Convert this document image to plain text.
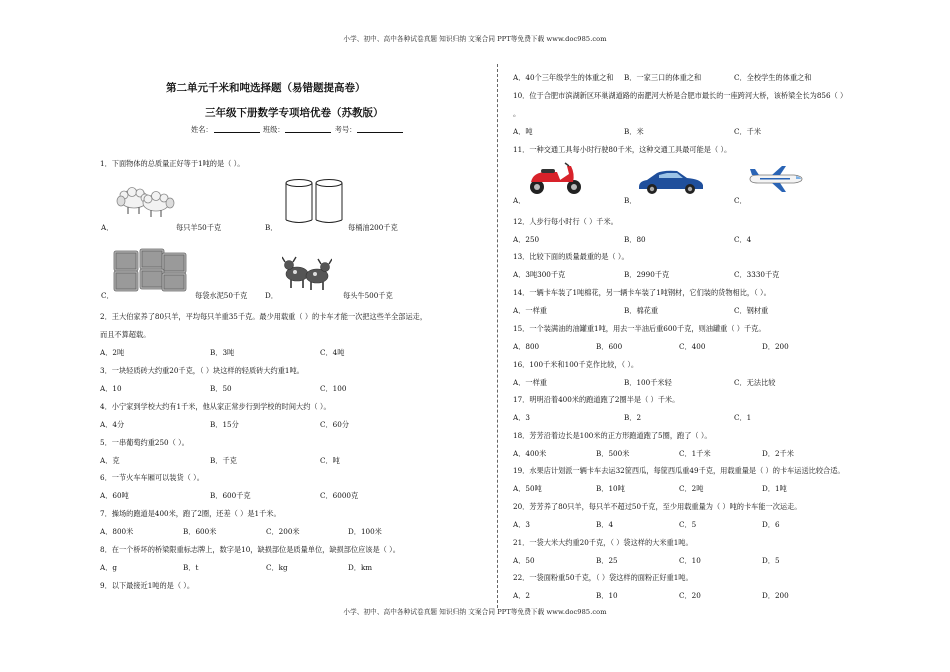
小学、初中、高中各种试卷真题 知识归纳 文案合同 PPT等免费下载 www.doc985.com
小学、初中、高中各种试卷真题 知识归纳 文案合同 PPT等免费下载 www.doc985.com
第二单元千米和吨选择题（易错题提高卷）
三年级下册数学专项培优卷（苏教版）
姓名：	班级：	考号：
1．下面物体的总质量正好等于1吨的是（ ）。
A．	每只羊50千克	B．	每桶油200千克
C．	每袋水泥50千克 D．	每头牛500千克
2．王大伯家养了80只羊，平均每只羊重35千克。最少用载重（ ）的卡车才能一次把这些羊全部运走，
而且不算超载。
A．2吨	B．3吨	C．4吨
3．一块轻质砖大约重20千克，（ ）块这样的轻质砖大约重1吨。
A．10	B．50	C．100
4．小宁家到学校大约有1千米，他从家正常步行到学校的时间大约（ ）。
A．4分	B．15分	C．60分
5．一串葡萄约重250（ ）。
A．克	B．千克	C．吨
6．一节火车车厢可以装货（ ）。
A．60吨	B．600千克	C．6000克
7．操场的跑道是400米，跑了2圈，还差（ ）是1千米。
A．800米	B．600米	C．200米	D．100米
8．在一个桥坏的桥梁限重标志牌上，数字是10，缺损部位是质量单位，缺损部位应该是（ ）。
A．g	B．t	C．kg	D．km
9．以下最接近1吨的是（ ）。
A．40个三年级学生的体重之和 B．一家三口的体重之和	C．全校学生的体重之和
10．位于合肥市滨湖新区环巢湖道路的南淝河大桥是合肥市最长的一座跨河大桥，该桥梁全长为856（ ）
。
A．吨	B．米	C．千米
11．一种交通工具每小时行驶80千米，这种交通工具最可能是（ ）。
A．	B．	C．
12．人步行每小时行（ ）千米。
A．250	B．80	C．4
13．比较下面的质量最重的是（ ）。
A．3吨300千克	B．2990千克	C．3330千克
14．一辆卡车装了1吨棉花，另一辆卡车装了1吨钢材，它们装的货物相比，（ ）。
A．一样重	B．棉花重	C．钢材重
15．一个装满油的油罐重1吨，用去一半油后重600千克，则油罐重（ ）千克。
A．800	B．600	C．400	D．200
16．100千米和100千克作比较，（ ）。
A．一样重	B．100千米轻	C．无法比较
17．明明沿着400米的跑道跑了2圈半是（ ）千米。
A．3	B．2	C．1
18．芳芳沿着边长是100米的正方形跑道跑了5圈，跑了（ ）。
A．400米	B．500米	C．1千米	D．2千米
19．水果店计划派一辆卡车去运32筐西瓜，每筐西瓜重49千克，用载重量是（ ）的卡车运送比较合适。
A．50吨	B．10吨	C．2吨	D．1吨
20．芳芳养了80只羊，每只羊不超过50千克，至少用载重量为（ ）吨的卡车能一次运走。
A．3	B．4	C．5	D．6
21．一袋大米大约重20千克，（ ）袋这样的大米重1吨。
A．50	B．25	C．10	D．5
22．一袋面粉重50千克，（ ）袋这样的面粉正好重1吨。
A．2	B．10	C．20	D．200
